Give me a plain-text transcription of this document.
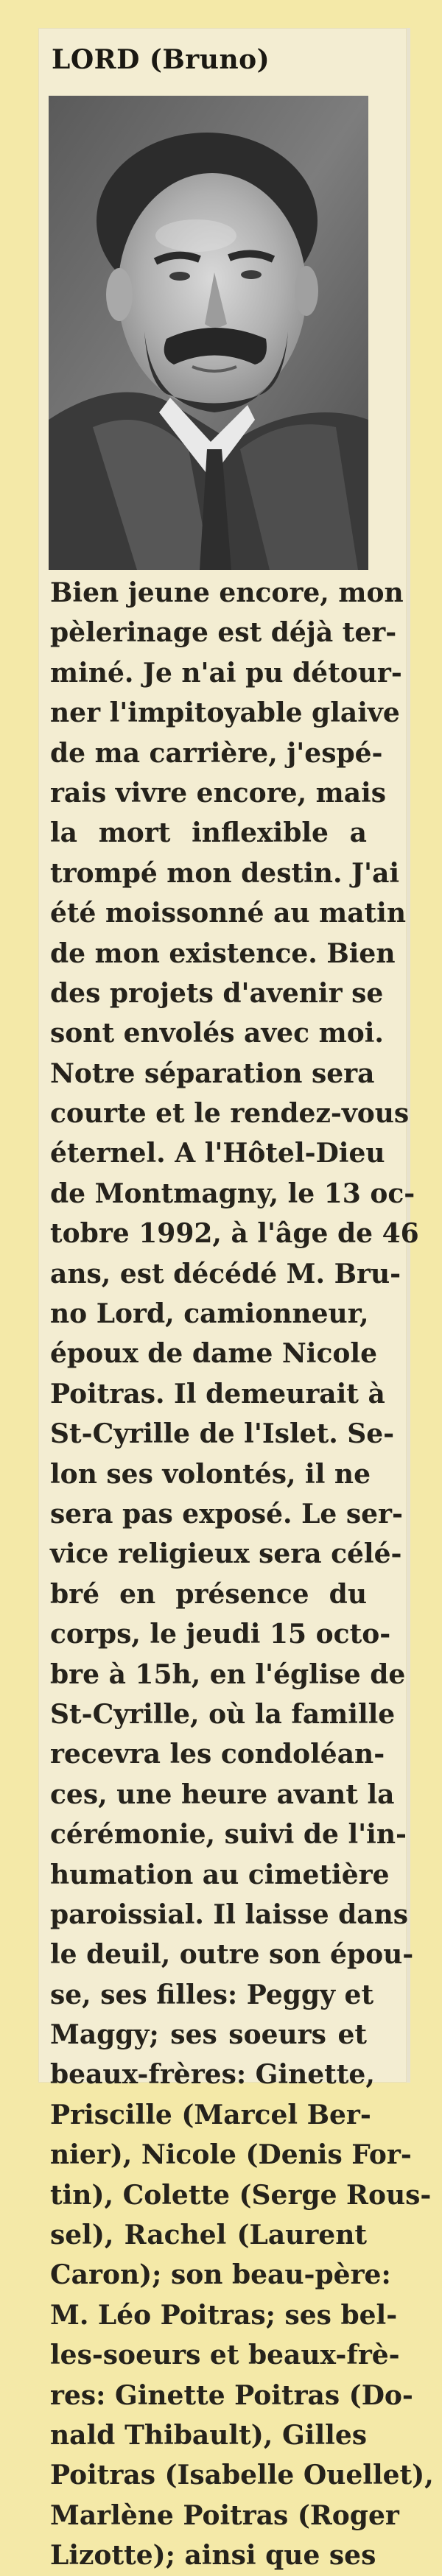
LORD (Bruno)
Bien jeune encore, mon
pèlerinage est déjà ter-
miné. Je n'ai pu détour-
ner l'impitoyable glaive
de ma carrière, j'espé-
rais vivre encore, mais
la mort inflexible a
trompé mon destin. J'ai
été moissonné au matin
de mon existence. Bien
des projets d'avenir se
sont envolés avec moi.
Notre séparation sera
courte et le rendez-vous
éternel. A l'Hôtel-Dieu
de Montmagny, le 13 oc-
tobre 1992, à l'âge de 46
ans, est décédé M. Bru-
no Lord, camionneur,
époux de dame Nicole
Poitras. Il demeurait à
St-Cyrille de l'Islet. Se-
lon ses volontés, il ne
sera pas exposé. Le ser-
vice religieux sera célé-
bré en présence du
corps, le jeudi 15 octo-
bre à 15h, en l'église de
St-Cyrille, où la famille
recevra les condoléan-
ces, une heure avant la
cérémonie, suivi de l'in-
humation au cimetière
paroissial. Il laisse dans
le deuil, outre son épou-
se, ses filles: Peggy et
Maggy; ses soeurs et
beaux-frères: Ginette,
Priscille (Marcel Ber-
nier), Nicole (Denis For-
tin), Colette (Serge Rous-
sel), Rachel (Laurent
Caron); son beau-père:
M. Léo Poitras; ses bel-
les-soeurs et beaux-frè-
res: Ginette Poitras (Do-
nald Thibault), Gilles
Poitras (Isabelle Ouellet),
Marlène Poitras (Roger
Lizotte); ainsi que ses
